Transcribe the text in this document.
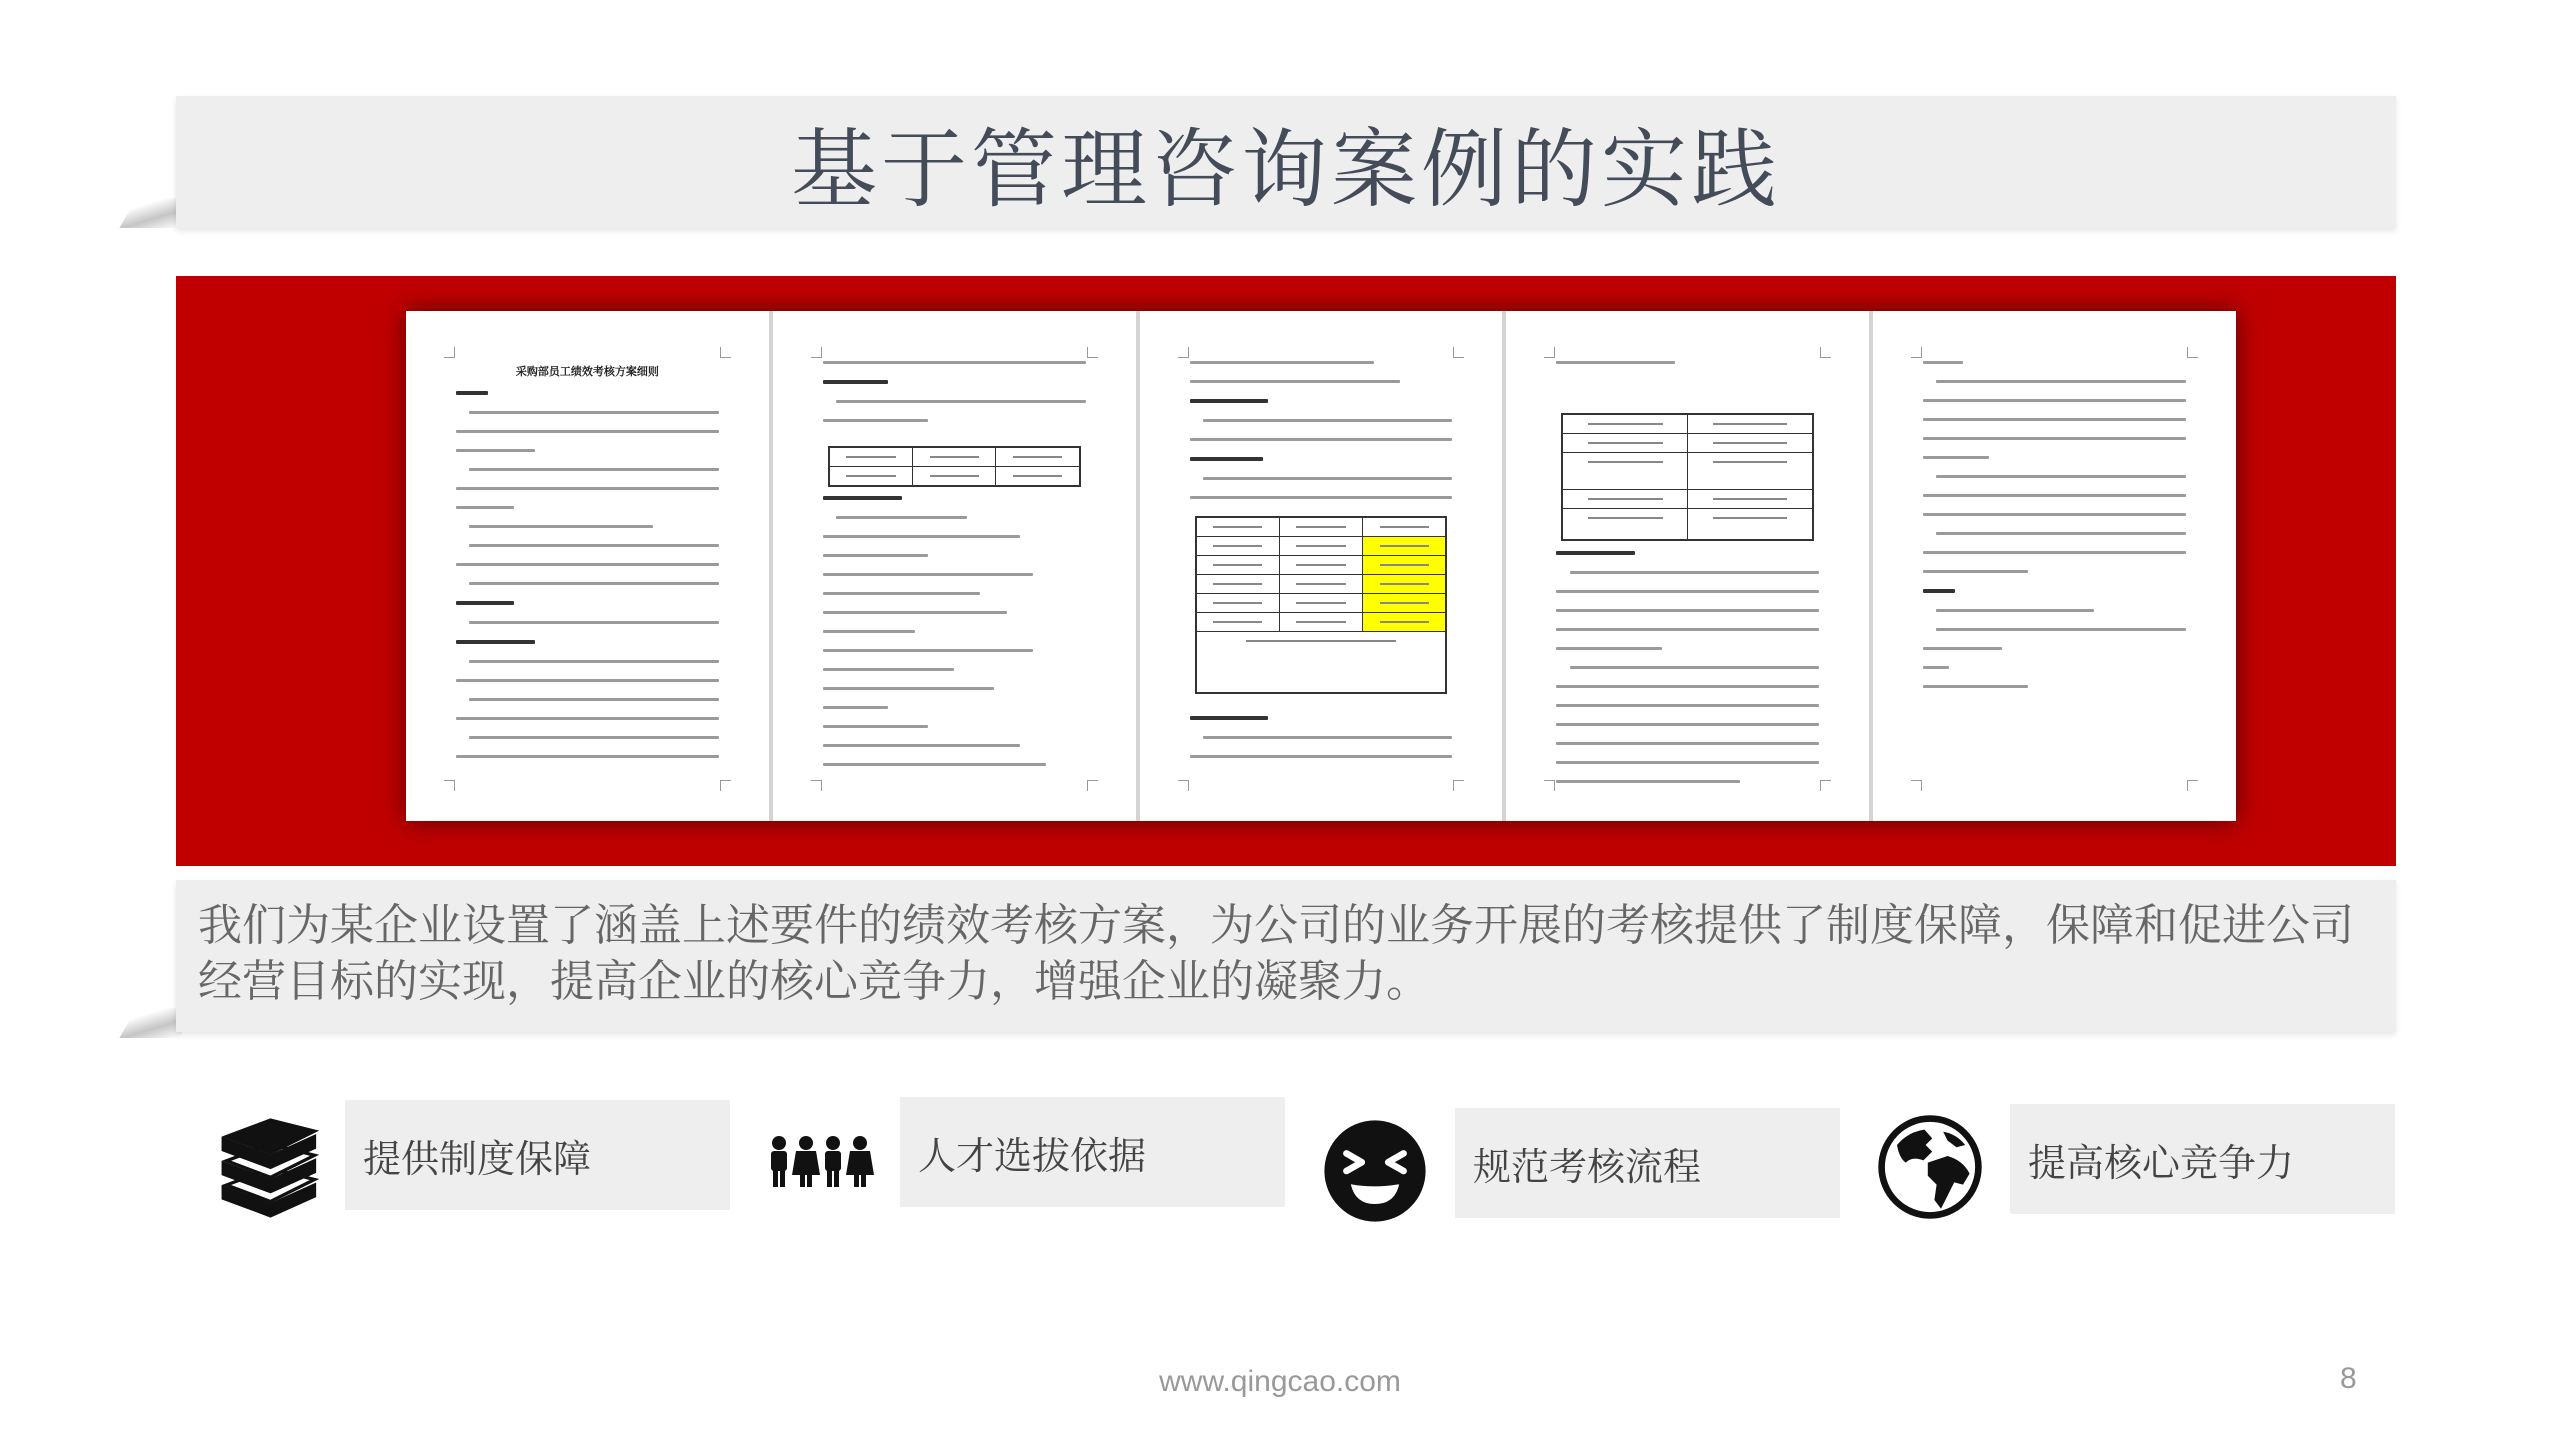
基于管理咨询案例的实践
采购部员工绩效考核方案细则

我们为某企业设置了涵盖上述要件的绩效考核方案，为公司的业务开展的考核提供了制度保障，保障和促进公司经营目标的实现，提高企业的核心竞争力，增强企业的凝聚力。

提供制度保障	人才选拔依据	规范考核流程	提高核心竞争力
www.qingcao.com	8
